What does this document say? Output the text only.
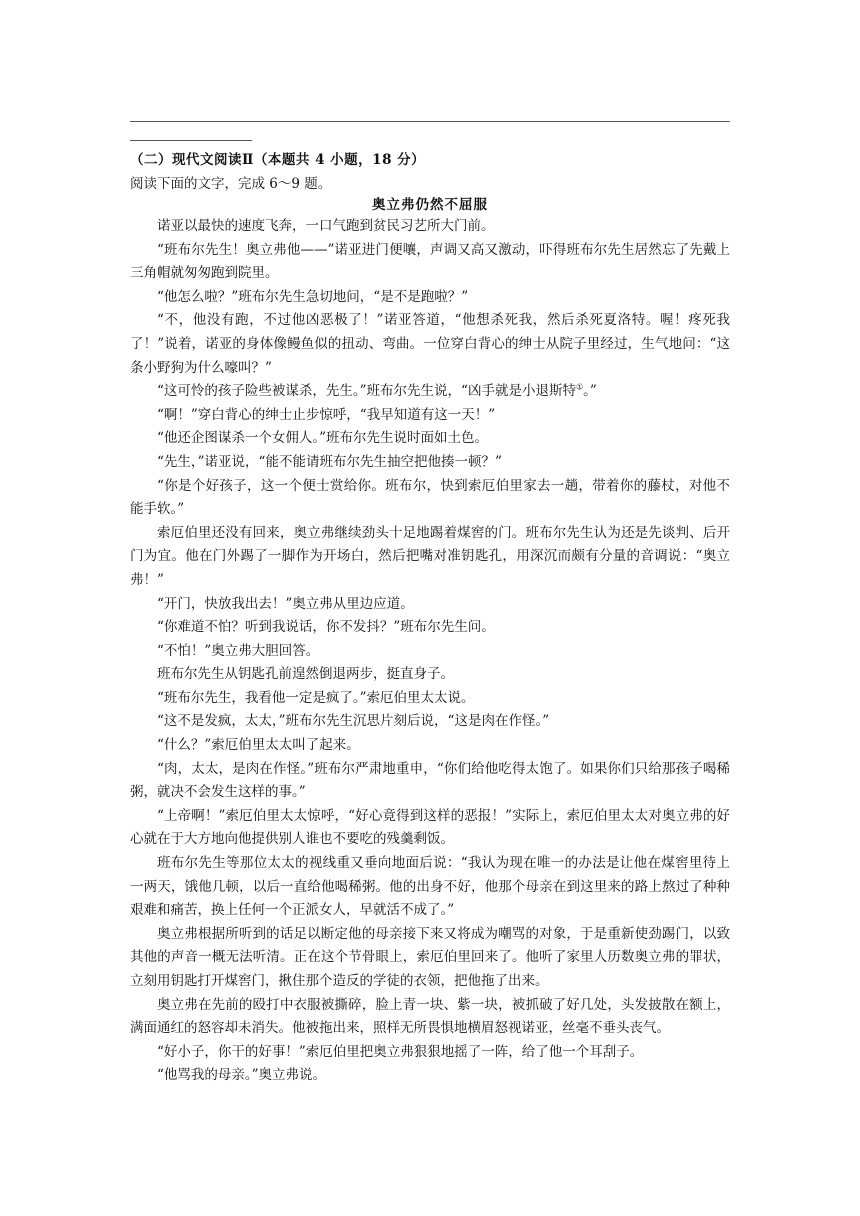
（二）现代文阅读Ⅱ（本题共 4 小题，18 分）
阅读下面的文字，完成 6～9 题。
奥立弗仍然不屈服

诺亚以最快的速度飞奔，一口气跑到贫民习艺所大门前。

“班布尔先生！奥立弗他——”诺亚进门便嚷，声调又高又激动，吓得班布尔先生居然忘了先戴上三角帽就匆匆跑到院里。

“他怎么啦？”班布尔先生急切地问，“是不是跑啦？”

“不，他没有跑，不过他凶恶极了！”诺亚答道，“他想杀死我，然后杀死夏洛特。喔！疼死我了！”说着，诺亚的身体像鳗鱼似的扭动、弯曲。一位穿白背心的绅士从院子里经过，生气地问：“这条小野狗为什么嚎叫？”

“这可怜的孩子险些被谋杀，先生。”班布尔先生说，“凶手就是小退斯特①。”

“啊！”穿白背心的绅士止步惊呼，“我早知道有这一天！”

“他还企图谋杀一个女佣人。”班布尔先生说时面如土色。

“先生，”诺亚说，“能不能请班布尔先生抽空把他揍一顿？”

“你是个好孩子，这一个便士赏给你。班布尔，快到索厄伯里家去一趟，带着你的藤杖，对他不能手软。”

索厄伯里还没有回来，奥立弗继续劲头十足地踢着煤窖的门。班布尔先生认为还是先谈判、后开门为宜。他在门外踢了一脚作为开场白，然后把嘴对准钥匙孔，用深沉而颇有分量的音调说：“奥立弗！”

“开门，快放我出去！”奥立弗从里边应道。

“你难道不怕？听到我说话，你不发抖？”班布尔先生问。

“不怕！”奥立弗大胆回答。

班布尔先生从钥匙孔前遑然倒退两步，挺直身子。

“班布尔先生，我看他一定是疯了。”索厄伯里太太说。

“这不是发疯，太太，”班布尔先生沉思片刻后说，“这是肉在作怪。”

“什么？”索厄伯里太太叫了起来。

“肉，太太，是肉在作怪。”班布尔严肃地重申，“你们给他吃得太饱了。如果你们只给那孩子喝稀粥，就决不会发生这样的事。”

“上帝啊！”索厄伯里太太惊呼，“好心竟得到这样的恶报！”实际上，索厄伯里太太对奥立弗的好心就在于大方地向他提供别人谁也不要吃的残羹剩饭。

班布尔先生等那位太太的视线重又垂向地面后说：“我认为现在唯一的办法是让他在煤窖里待上一两天，饿他几顿，以后一直给他喝稀粥。他的出身不好，他那个母亲在到这里来的路上熬过了种种艰难和痛苦，换上任何一个正派女人，早就活不成了。”

奥立弗根据所听到的话足以断定他的母亲接下来又将成为嘲骂的对象，于是重新使劲踢门，以致其他的声音一概无法听清。正在这个节骨眼上，索厄伯里回来了。他听了家里人历数奥立弗的罪状，立刻用钥匙打开煤窖门，揪住那个造反的学徒的衣领，把他拖了出来。

奥立弗在先前的殴打中衣服被撕碎，脸上青一块、紫一块，被抓破了好几处，头发披散在额上，满面通红的怒容却未消失。他被拖出来，照样无所畏惧地横眉怒视诺亚，丝毫不垂头丧气。

“好小子，你干的好事！”索厄伯里把奥立弗狠狠地摇了一阵，给了他一个耳刮子。

“他骂我的母亲。”奥立弗说。
